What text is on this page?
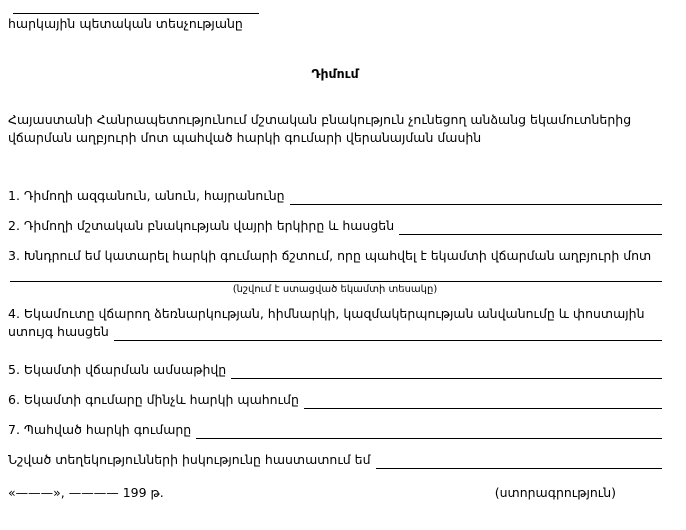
հարկային պետական տեսչությանը
Դիմում
Հայաստանի Հանրապետությունում մշտական բնակություն չունեցող անձանց եկամուտներից վճարման աղբյուրի մոտ պահված հարկի գումարի վերանայման մասին
1. Դիմողի ազգանուն, անուն, հայրանունը
2. Դիմողի մշտական բնակության վայրի երկիրը և հասցեն
3. Խնդրում եմ կատարել հարկի գումարի ճշտում, որը պահվել է եկամտի վճարման աղբյուրի մոտ
(նշվում է ստացված եկամտի տեսակը)
4. Եկամուտը վճարող ձեռնարկության, հիմնարկի, կազմակերպության անվանումը և փոստային
ստույգ հասցեն
5. Եկամտի վճարման ամսաթիվը
6. Եկամտի գումարը մինչև հարկի պահումը
7. Պահված հարկի գումարը
Նշված տեղեկությունների իսկությունը հաստատում եմ
«———», ———— 199 թ.	(ստորագրություն)
